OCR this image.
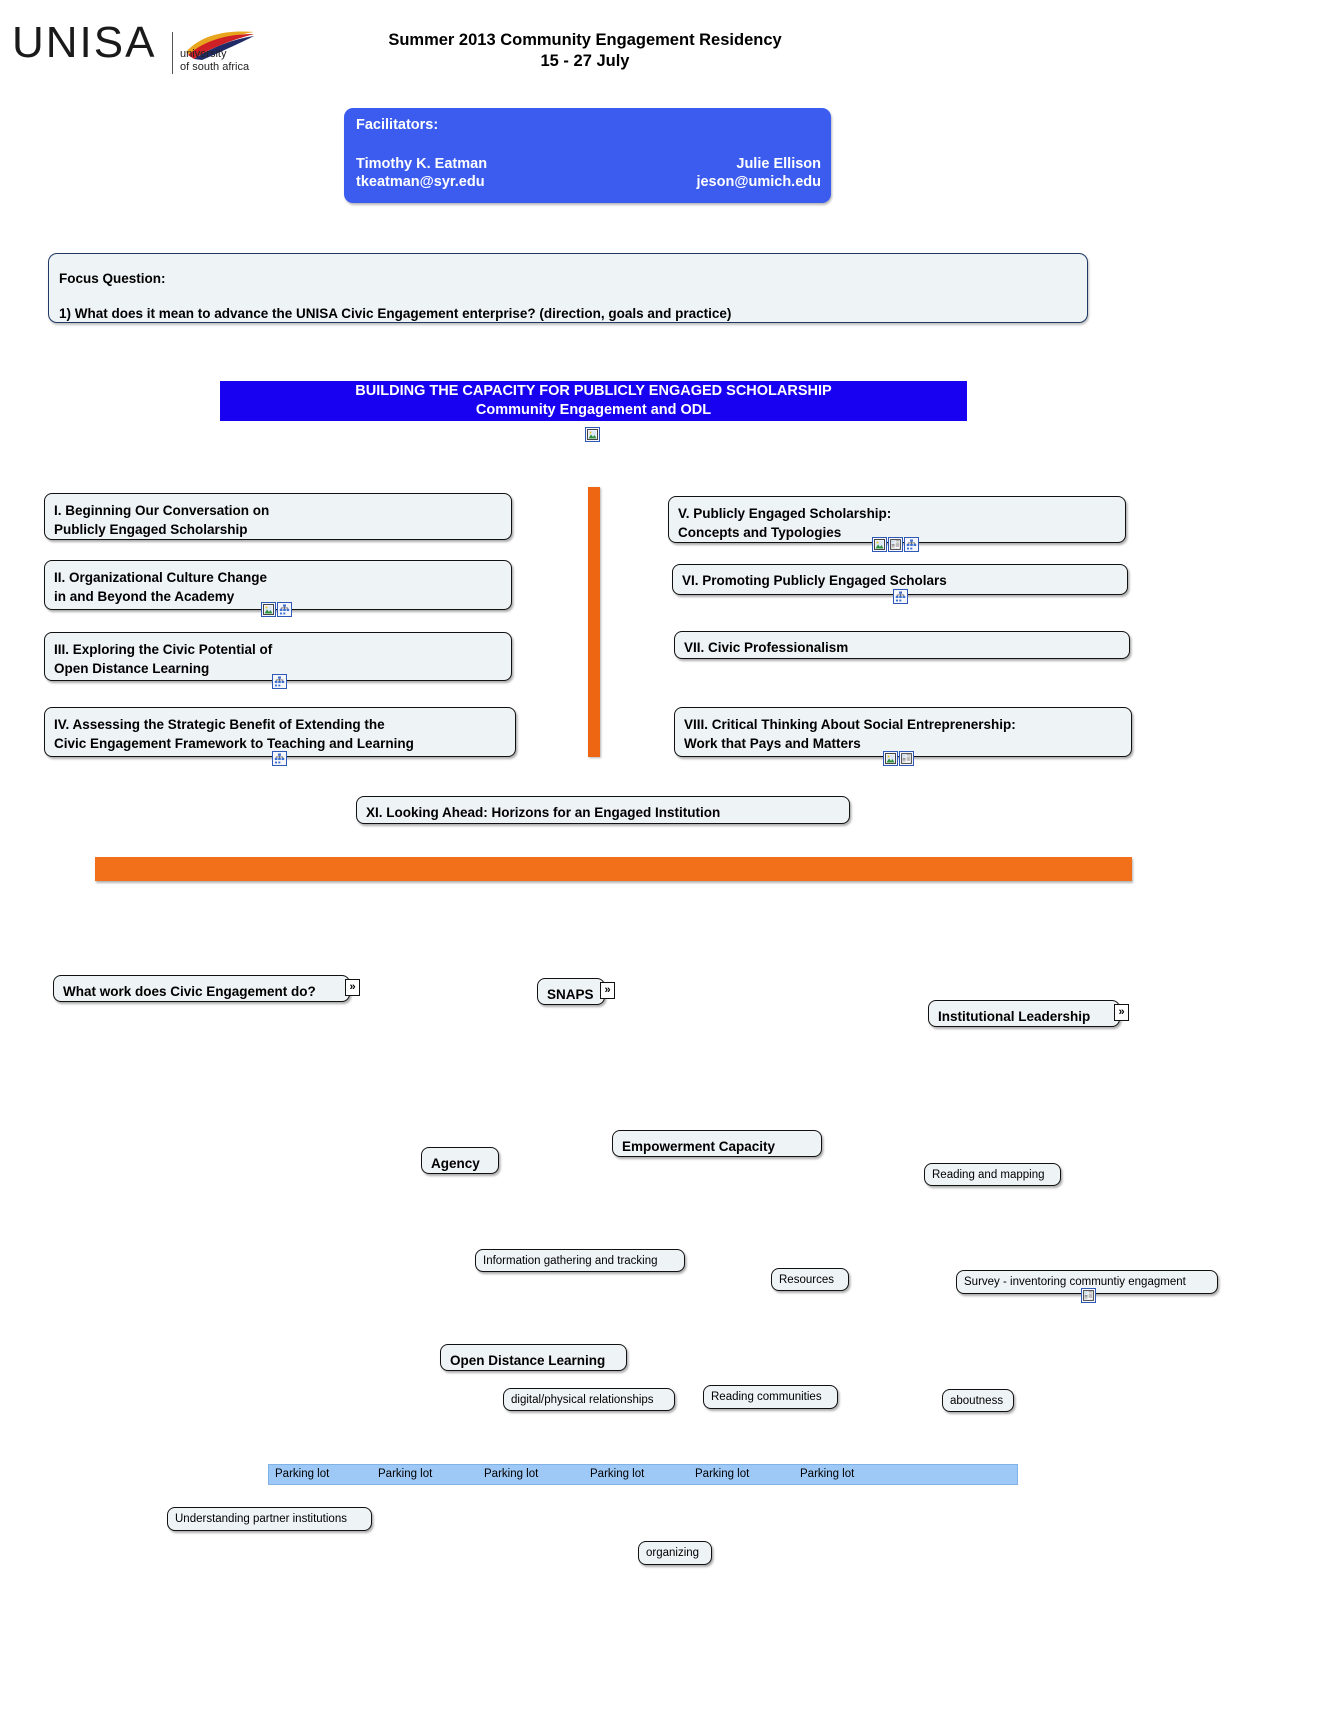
UNISA	university
of south africa
Summer 2013 Community Engagement Residency
15 - 27 July
Facilitators:
Timothy K. Eatman	Julie Ellison
tkeatman@syr.edu	jeson@umich.edu
Focus Question:
1) What does it mean to advance the UNISA Civic Engagement enterprise? (direction, goals and practice)
BUILDING THE CAPACITY FOR PUBLICLY ENGAGED SCHOLARSHIP
Community Engagement and ODL
I. Beginning Our Conversation on
Publicly Engaged Scholarship
II. Organizational Culture Change
in and Beyond the Academy
III. Exploring the Civic Potential of
Open Distance Learning
IV. Assessing the Strategic Benefit of Extending the
Civic Engagement Framework to Teaching and Learning
V. Publicly Engaged Scholarship:
Concepts and Typologies
VI. Promoting Publicly Engaged Scholars
VII. Civic Professionalism
VIII. Critical Thinking About Social Entreprenership:
Work that Pays and Matters
XI. Looking Ahead: Horizons for an Engaged Institution
What work does Civic Engagement do?	»	SNAPS »
Institutional Leadership	»
Empowerment Capacity
Agency
Reading and mapping
Information gathering and tracking
Resources	Survey - inventoring communtiy engagment
Open Distance Learning
digital/physical relationships	Reading communities	aboutness
Parking lot	Parking lot	Parking lot	Parking lot	Parking lot	Parking lot
Understanding partner institutions
organizing
